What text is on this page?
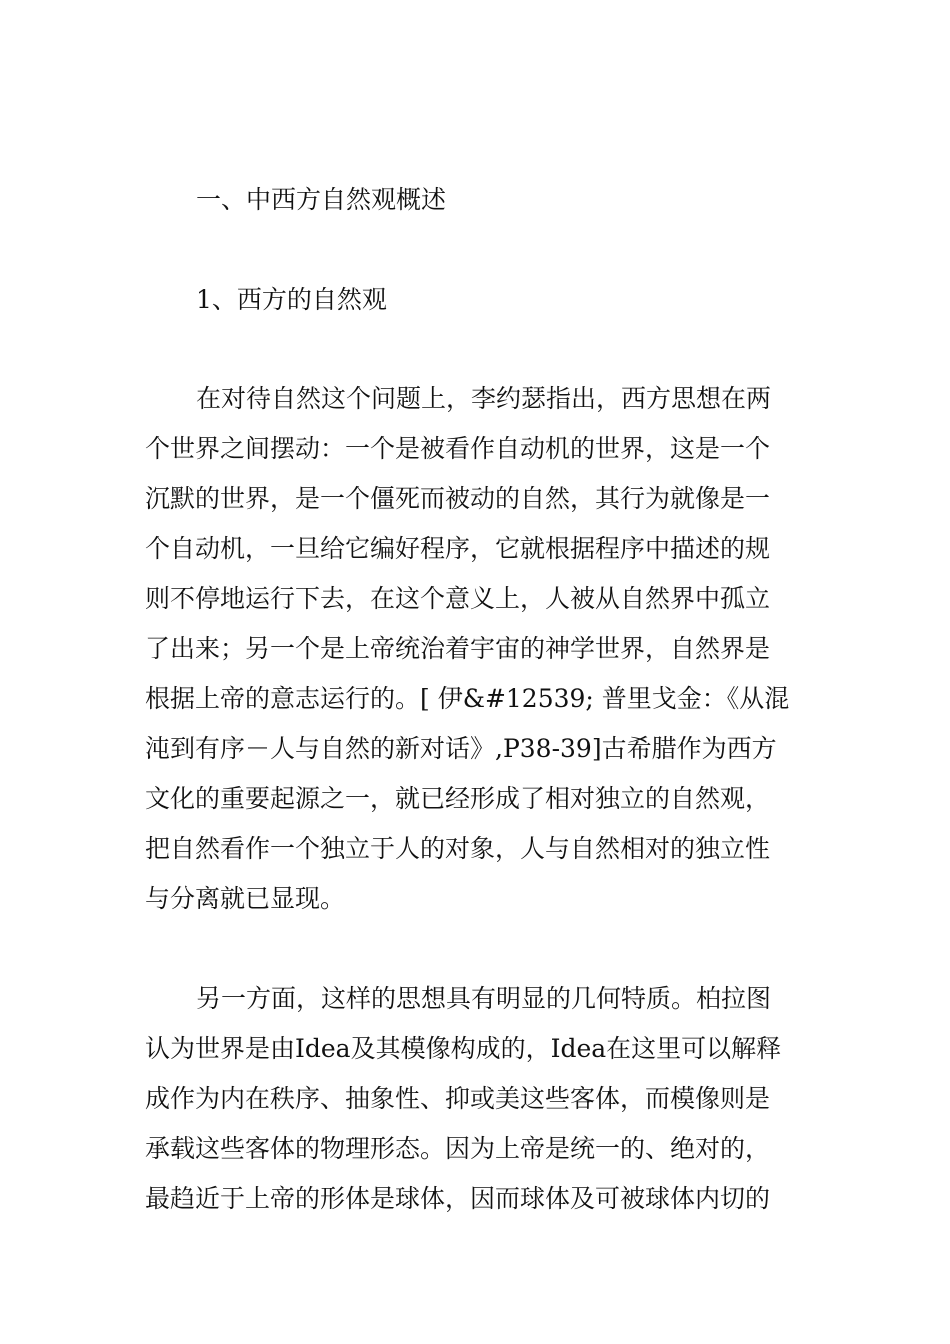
一、中西方自然观概述

1、西方的自然观

在对待自然这个问题上，李约瑟指出，西方思想在两

个世界之间摆动：一个是被看作自动机的世界，这是一个

沉默的世界，是一个僵死而被动的自然，其行为就像是一

个自动机，一旦给它编好程序，它就根据程序中描述的规

则不停地运行下去，在这个意义上，人被从自然界中孤立

了出来；另一个是上帝统治着宇宙的神学世界，自然界是

根据上帝的意志运行的。[ 伊&#12539; 普里戈金：《从混

沌到有序－人与自然的新对话》,P38-39]古希腊作为西方

文化的重要起源之一，就已经形成了相对独立的自然观，

把自然看作一个独立于人的对象，人与自然相对的独立性

与分离就已显现。

另一方面，这样的思想具有明显的几何特质。柏拉图

认为世界是由Idea及其模像构成的，Idea在这里可以解释

成作为内在秩序、抽象性、抑或美这些客体，而模像则是

承载这些客体的物理形态。因为上帝是统一的、绝对的，

最趋近于上帝的形体是球体，因而球体及可被球体内切的
